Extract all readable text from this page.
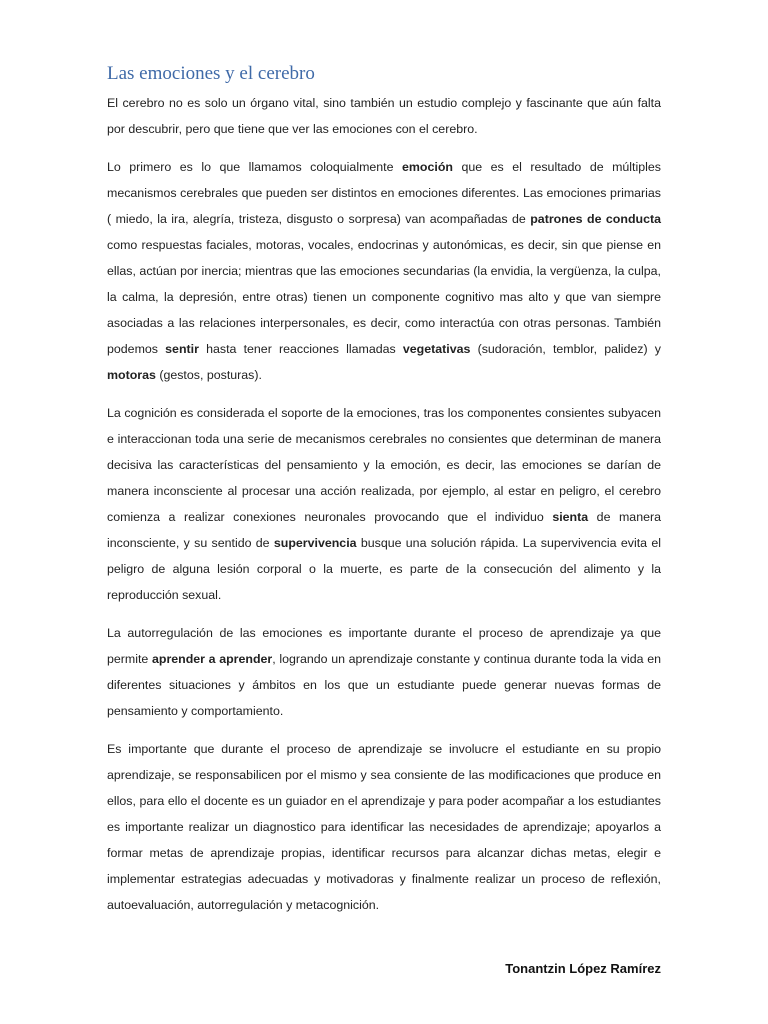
Las emociones y el cerebro

El cerebro no es solo un órgano vital, sino también un estudio complejo y fascinante que aún falta por descubrir, pero que tiene que ver las emociones con el cerebro.

Lo primero es lo que llamamos coloquialmente emoción que es el resultado de múltiples mecanismos cerebrales que pueden ser distintos en emociones diferentes. Las emociones primarias ( miedo, la ira, alegría, tristeza, disgusto o sorpresa) van acompañadas de patrones de conducta como respuestas faciales, motoras, vocales, endocrinas y autonómicas, es decir, sin que piense en ellas, actúan por inercia; mientras que las emociones secundarias (la envidia, la vergüenza, la culpa, la calma, la depresión, entre otras) tienen un componente cognitivo mas alto y que van siempre asociadas a las relaciones interpersonales, es decir, como interactúa con otras personas. También podemos sentir hasta tener reacciones llamadas vegetativas (sudoración, temblor, palidez) y motoras (gestos, posturas).

La cognición es considerada el soporte de la emociones, tras los componentes consientes subyacen e interaccionan toda una serie de mecanismos cerebrales no consientes que determinan de manera decisiva las características del pensamiento y la emoción, es decir, las emociones se darían de manera inconsciente al procesar una acción realizada, por ejemplo, al estar en peligro, el cerebro comienza a realizar conexiones neuronales provocando que el individuo sienta de manera inconsciente, y su sentido de supervivencia busque una solución rápida. La supervivencia evita el peligro de alguna lesión corporal o la muerte, es parte de la consecución del alimento y la reproducción sexual.

La autorregulación de las emociones es importante durante el proceso de aprendizaje ya que permite aprender a aprender, logrando un aprendizaje constante y continua durante toda la vida en diferentes situaciones y ámbitos en los que un estudiante puede generar nuevas formas de pensamiento y comportamiento.

Es importante que durante el proceso de aprendizaje se involucre el estudiante en su propio aprendizaje, se responsabilicen por el mismo y sea consiente de las modificaciones que produce en ellos, para ello el docente es un guiador en el aprendizaje y para poder acompañar a los estudiantes es importante realizar un diagnostico para identificar las necesidades de aprendizaje; apoyarlos a formar metas de aprendizaje propias, identificar recursos para alcanzar dichas metas, elegir e implementar estrategias adecuadas y motivadoras y finalmente realizar un proceso de reflexión, autoevaluación, autorregulación y metacognición.

Tonantzin López Ramírez
